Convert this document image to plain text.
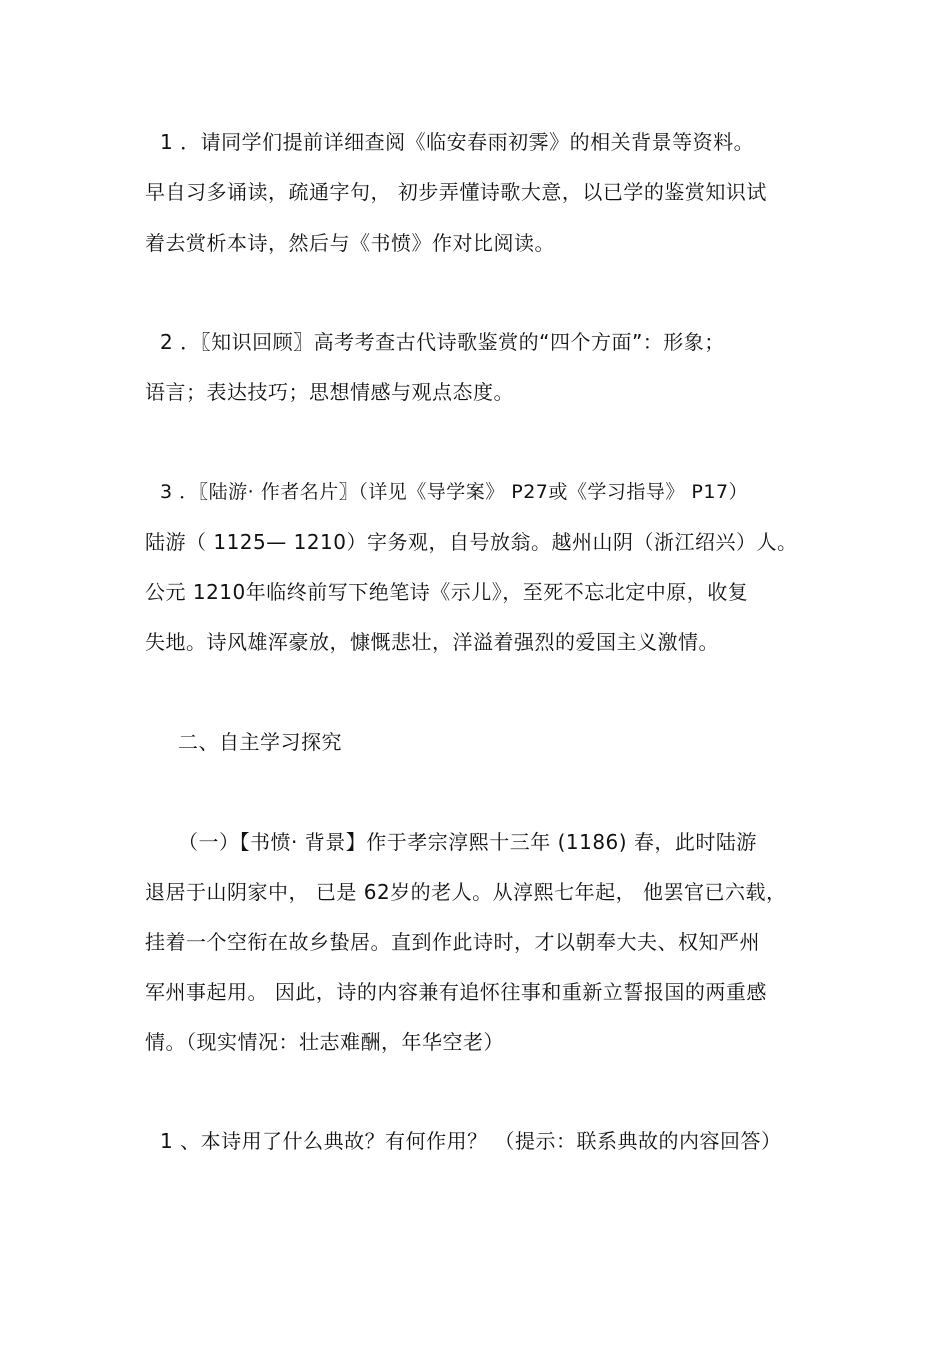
1 ．请同学们提前详细查阅《临安春雨初霁》的相关背景等资料。
早自习多诵读，疏通字句， 初步弄懂诗歌大意，以已学的鉴赏知识试
着去赏析本诗，然后与《书愤》作对比阅读。
2 ．〖知识回顾〗高考考查古代诗歌鉴赏的“四个方面”：形象；
语言；表达技巧；思想情感与观点态度。
3 ．〖陆游· 作者名片〗（详见《导学案》 P27或《学习指导》 P17）
陆游（ 1125— 1210）字务观，自号放翁。越州山阴（浙江绍兴）人。
公元 1210年临终前写下绝笔诗《示儿》，至死不忘北定中原，收复
失地。诗风雄浑豪放，慷慨悲壮，洋溢着强烈的爱国主义激情。
二、自主学习探究
（一）【书愤· 背景】作于孝宗淳熙十三年 (1186) 春，此时陆游
退居于山阴家中， 已是 62岁的老人。从淳熙七年起， 他罢官已六载，
挂着一个空衔在故乡蛰居。直到作此诗时，才以朝奉大夫、权知严州
军州事起用。 因此，诗的内容兼有追怀往事和重新立誓报国的两重感
情。（现实情况：壮志难酬，年华空老）
1 、本诗用了什么典故？有何作用？ （提示：联系典故的内容回答）
